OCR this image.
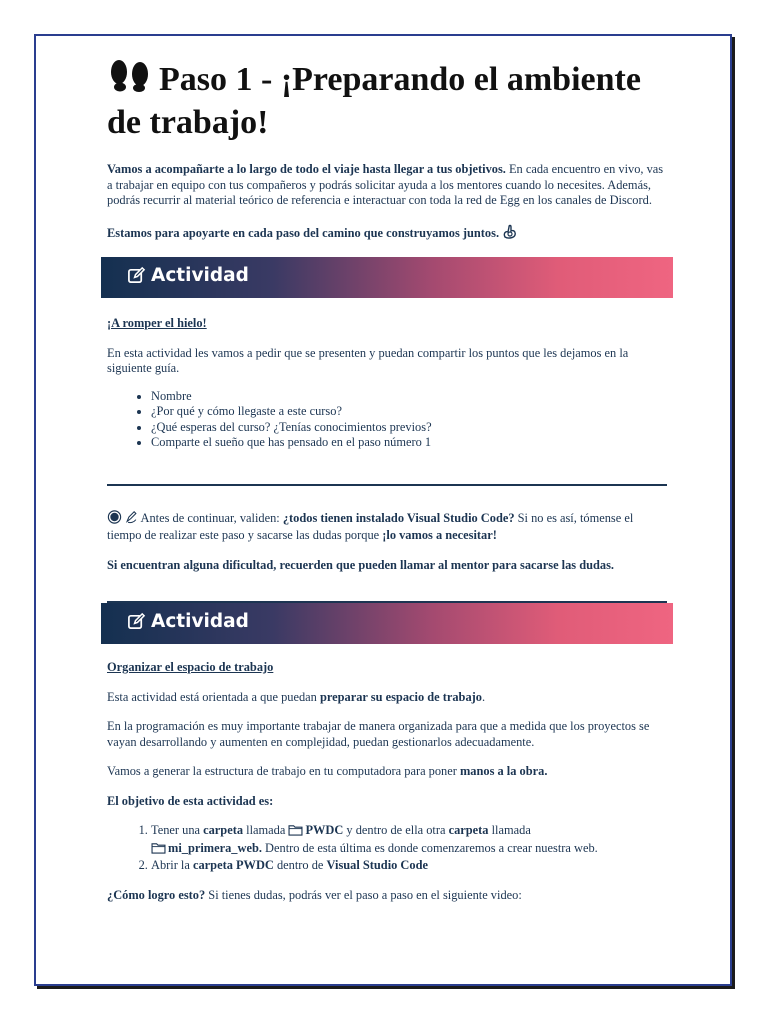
Paso 1 - ¡Preparando el ambiente
de trabajo!

Vamos a acompañarte a lo largo de todo el viaje hasta llegar a tus objetivos. En cada encuentro en vivo, vas a trabajar en equipo con tus compañeros y podrás solicitar ayuda a los mentores cuando lo necesites. Además, podrás recurrir al material teórico de referencia e interactuar con toda la red de Egg en los canales de Discord.

Estamos para apoyarte en cada paso del camino que construyamos juntos.

Actividad

¡A romper el hielo!

En esta actividad les vamos a pedir que se presenten y puedan compartir los puntos que les dejamos en la siguiente guía.

• Nombre
• ¿Por qué y cómo llegaste a este curso?
• ¿Qué esperas del curso? ¿Tenías conocimientos previos?
• Comparte el sueño que has pensado en el paso número 1

Antes de continuar, validen: ¿todos tienen instalado Visual Studio Code? Si no es así, tómense el tiempo de realizar este paso y sacarse las dudas porque ¡lo vamos a necesitar!

Si encuentran alguna dificultad, recuerden que pueden llamar al mentor para sacarse las dudas.

Actividad

Organizar el espacio de trabajo

Esta actividad está orientada a que puedan preparar su espacio de trabajo.

En la programación es muy importante trabajar de manera organizada para que a medida que los proyectos se vayan desarrollando y aumenten en complejidad, puedan gestionarlos adecuadamente.

Vamos a generar la estructura de trabajo en tu computadora para poner manos a la obra.

El objetivo de esta actividad es:

1. Tener una carpeta llamada PWDC y dentro de ella otra carpeta llamada
mi_primera_web. Dentro de esta última es donde comenzaremos a crear nuestra web.
2. Abrir la carpeta PWDC dentro de Visual Studio Code

¿Cómo logro esto? Si tienes dudas, podrás ver el paso a paso en el siguiente video:
